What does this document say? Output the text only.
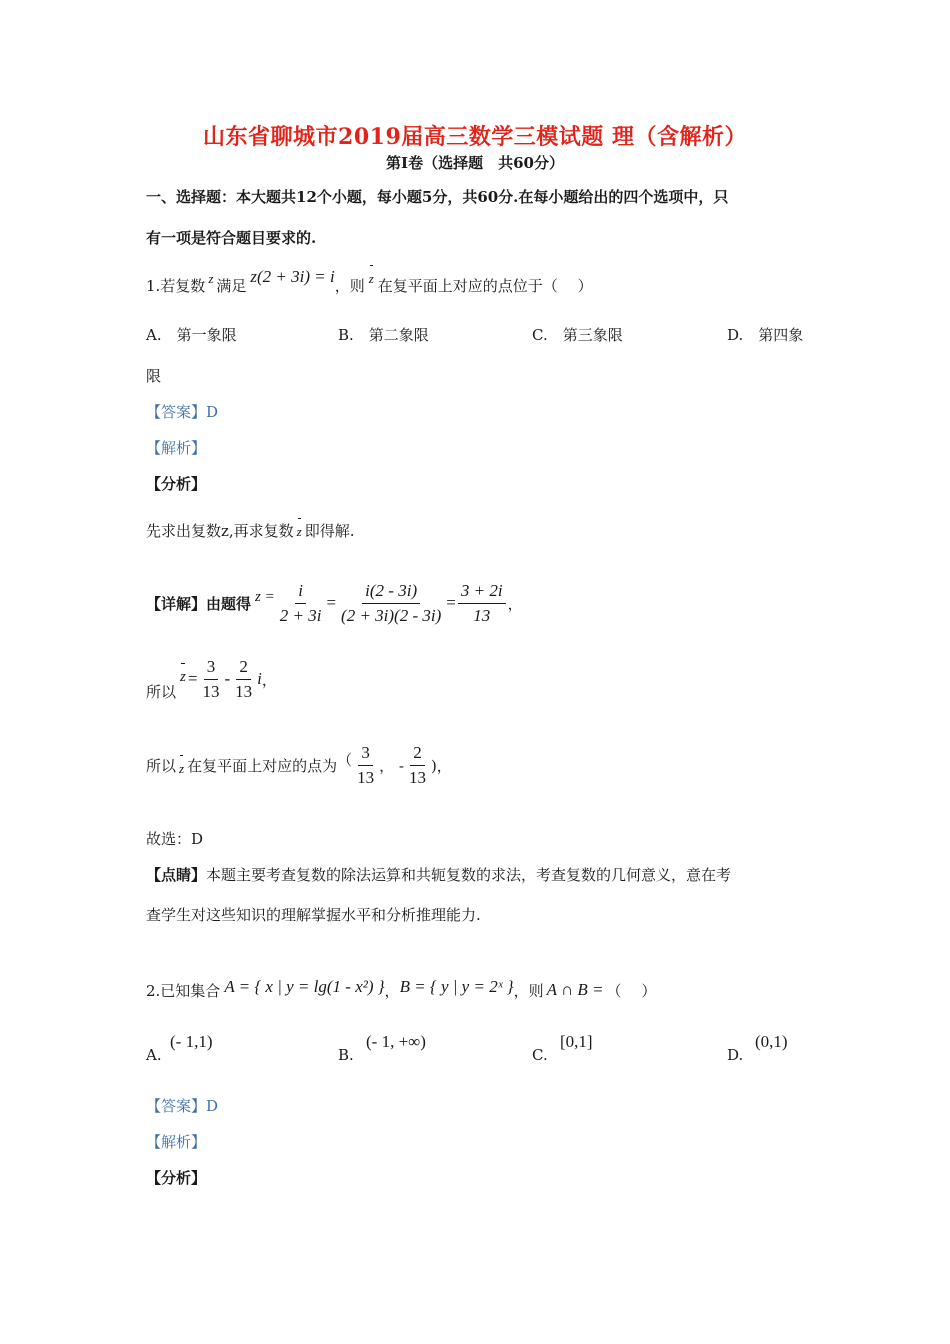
山东省聊城市2019届高三数学三模试题 理（含解析）
第Ⅰ卷（选择题　共60分）
一、选择题：本大题共12个小题，每小题5分，共60分.在每小题给出的四个选项中，只
有一项是符合题目要求的.
1.若复数 z 满足 z(2 + 3i) = i ，则 z 在复平面上对应的点位于（　 ）
A.　第一象限	B.　第二象限	C.　第三象限	D.　第四象
限
【答案】D
【解析】
【分析】
先求出复数z,再求复数 z 即得解.
【详解】由题得 $z = \frac{i}{2 + 3i} = \frac{i(2 - 3i)}{(2 + 3i)(2 - 3i)} = \frac{3 + 2i}{13}$ ，
所以
$z = \frac{3}{13} - \frac{2}{13}$ i ，
所以 z 在复平面上对应的点为 （ $\frac{3}{13}$ ， - $\frac{2}{13}$ )，
故选：D
【点睛】本题主要考查复数的除法运算和共轭复数的求法，考查复数的几何意义，意在考
查学生对这些知识的理解掌握水平和分析推理能力.
2.已知集合 A = { x | y = lg(1 - x²) } ， B = { y | y = 2ˣ } ，则 A ∩ B = （　 ）
A.
(- 1,1)
B.
(- 1, +∞)
C.
[0,1]
D.
(0,1)
【答案】D
【解析】
【分析】
